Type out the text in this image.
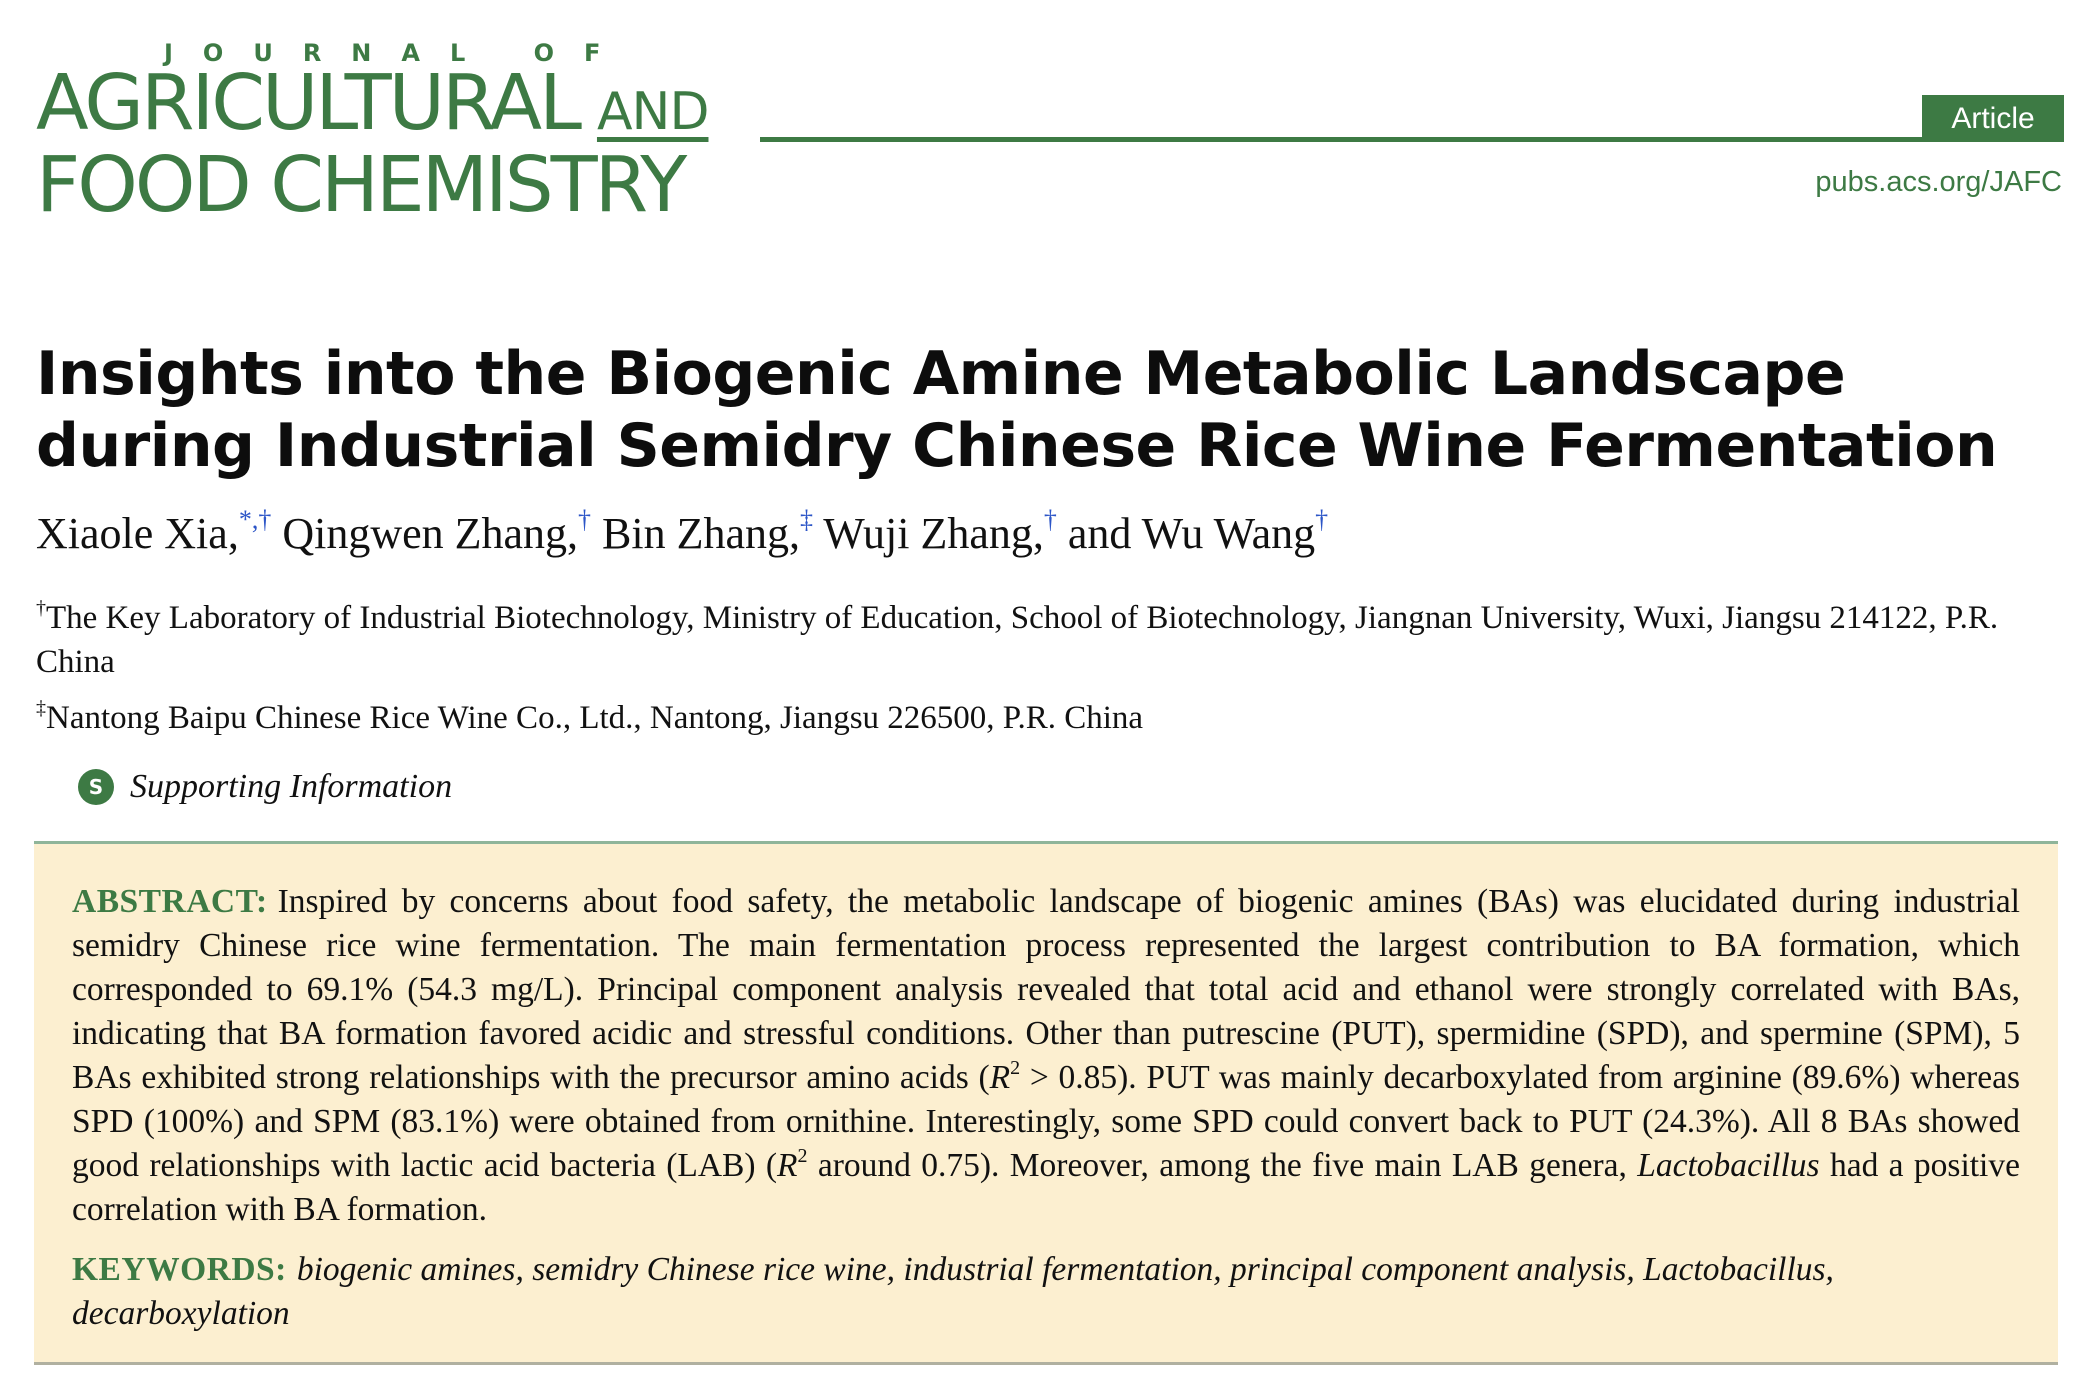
JOURNAL OF
AGRICULTURAL AND
FOOD CHEMISTRY
Article
pubs.acs.org/JAFC
Insights into the Biogenic Amine Metabolic Landscape during Industrial Semidry Chinese Rice Wine Fermentation
Xiaole Xia,*,† Qingwen Zhang,† Bin Zhang,‡ Wuji Zhang,† and Wu Wang†
†The Key Laboratory of Industrial Biotechnology, Ministry of Education, School of Biotechnology, Jiangnan University, Wuxi, Jiangsu 214122, P.R. China
‡Nantong Baipu Chinese Rice Wine Co., Ltd., Nantong, Jiangsu 226500, P.R. China
S Supporting Information
ABSTRACT: Inspired by concerns about food safety, the metabolic landscape of biogenic amines (BAs) was elucidated during industrial semidry Chinese rice wine fermentation. The main fermentation process represented the largest contribution to BA formation, which corresponded to 69.1% (54.3 mg/L). Principal component analysis revealed that total acid and ethanol were strongly correlated with BAs, indicating that BA formation favored acidic and stressful conditions. Other than putrescine (PUT), spermidine (SPD), and spermine (SPM), 5 BAs exhibited strong relationships with the precursor amino acids $(R^2 > 0.85)$. PUT was mainly decarboxylated from arginine (89.6%) whereas SPD (100%) and SPM (83.1%) were obtained from ornithine. Interestingly, some SPD could convert back to PUT (24.3%). All 8 BAs showed good relationships with lactic acid bacteria (LAB) ($R^2$ around 0.75). Moreover, among the five main LAB genera, Lactobacillus had a positive correlation with BA formation.
KEYWORDS: biogenic amines, semidry Chinese rice wine, industrial fermentation, principal component analysis, Lactobacillus, decarboxylation
